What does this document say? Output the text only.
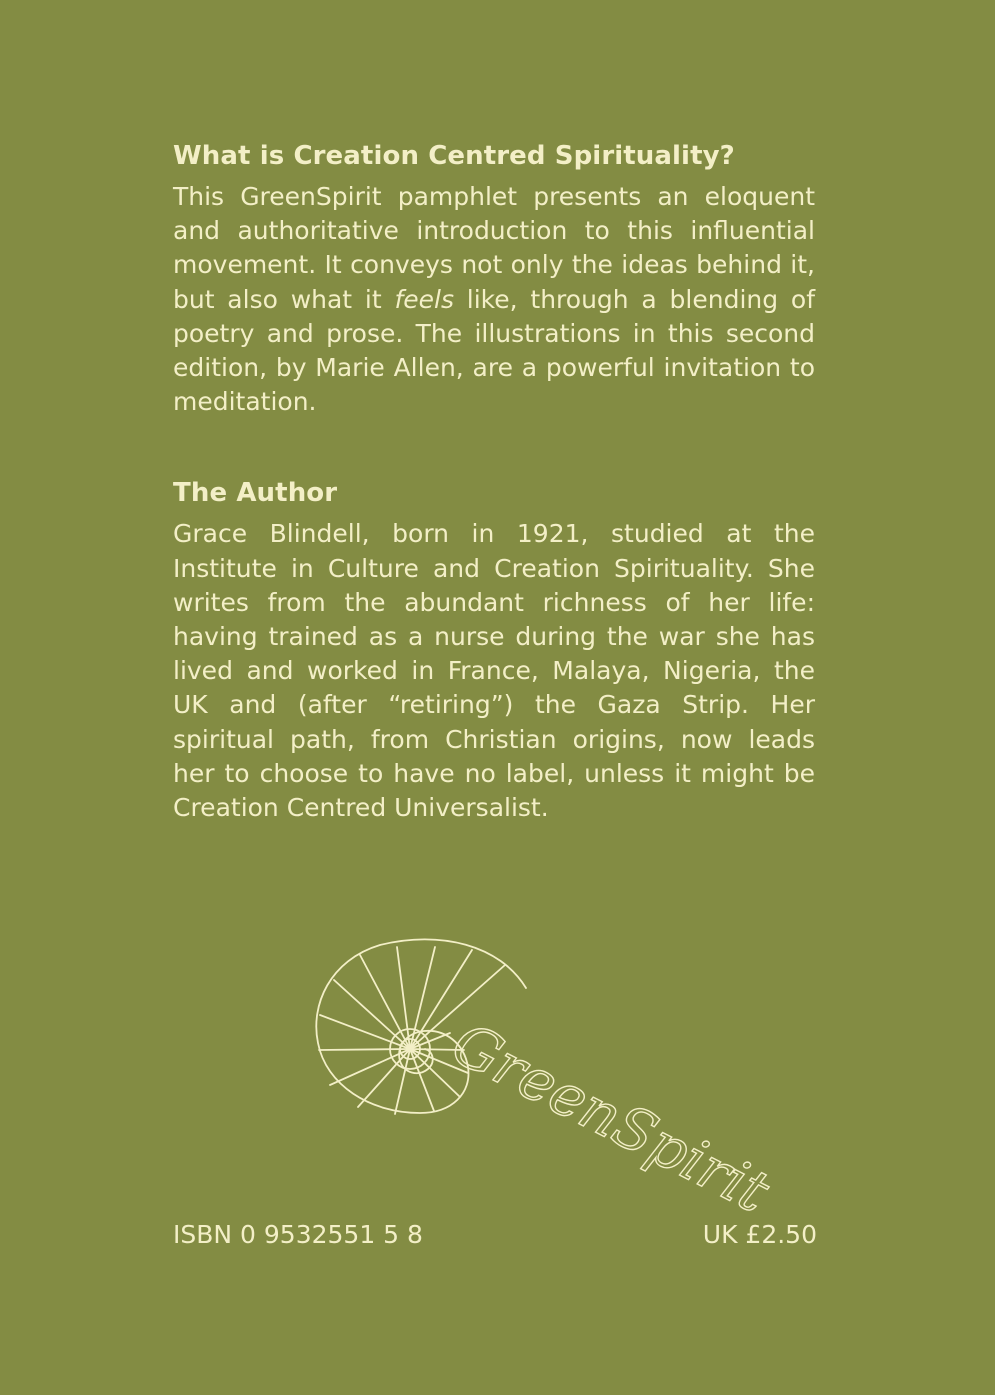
What is Creation Centred Spirituality?

This GreenSpirit pamphlet presents an eloquent and authoritative introduction to this influential movement. It conveys not only the ideas behind it, but also what it feels like, through a blending of poetry and prose. The illustrations in this second edition, by Marie Allen, are a powerful invitation to meditation.

The Author

Grace Blindell, born in 1921, studied at the Institute in Culture and Creation Spirituality. She writes from the abundant richness of her life: having trained as a nurse during the war she has lived and worked in France, Malaya, Nigeria, the UK and (after “retiring”) the Gaza Strip. Her spiritual path, from Christian origins, now leads her to choose to have no label, unless it might be Creation Centred Universalist.

GreenSpirit
ISBN 0 9532551 5 8	UK £2.50
